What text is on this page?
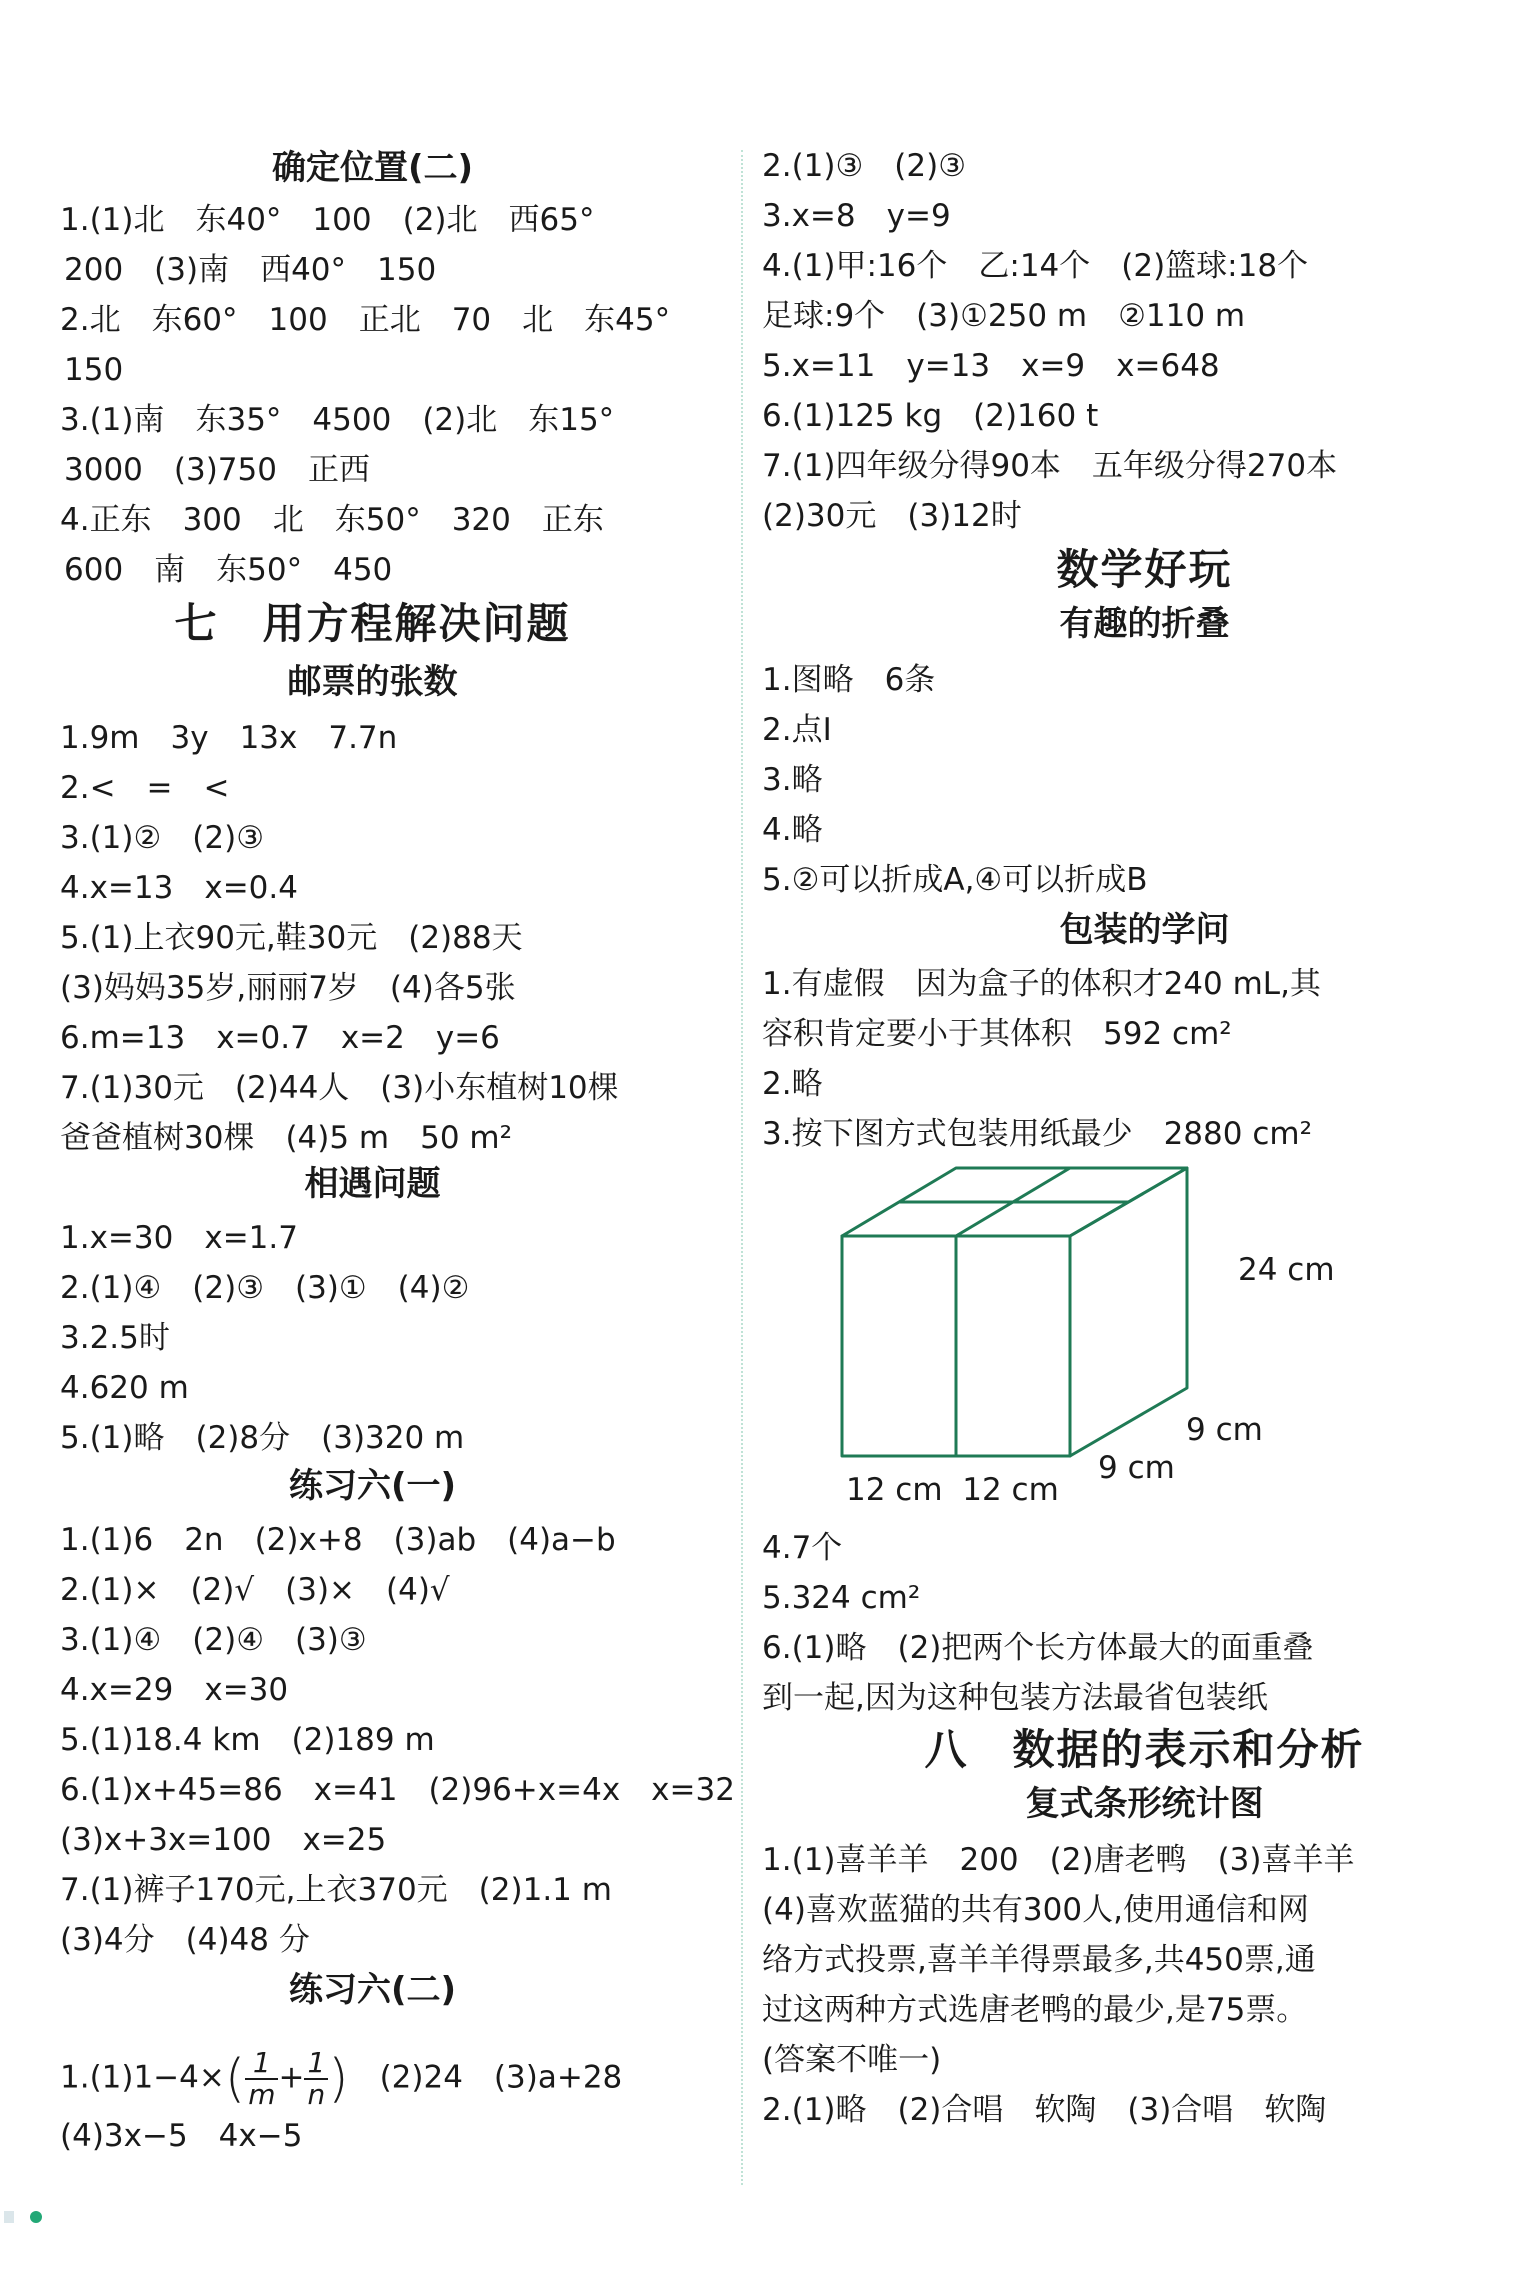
确定位置(二)
1.(1)北　东40°　100　(2)北　西65°
200　(3)南　西40°　150
2.北　东60°　100　正北　70　北　东45°
150
3.(1)南　东35°　4500　(2)北　东15°
3000　(3)750　正西
4.正东　300　北　东50°　320　正东
600　南　东50°　450
七　用方程解决问题
邮票的张数
1.9m　3y　13x　7.7n
2.<　=　<
3.(1)②　(2)③
4.x=13　x=0.4
5.(1)上衣90元,鞋30元　(2)88天
(3)妈妈35岁,丽丽7岁　(4)各5张
6.m=13　x=0.7　x=2　y=6
7.(1)30元　(2)44人　(3)小东植树10棵
爸爸植树30棵　(4)5 m　50 m²
相遇问题
1.x=30　x=1.7
2.(1)④　(2)③　(3)①　(4)②
3.2.5时
4.620 m
5.(1)略　(2)8分　(3)320 m
练习六(一)
1.(1)6　2n　(2)x+8　(3)ab　(4)a−b
2.(1)×　(2)√　(3)×　(4)√
3.(1)④　(2)④　(3)③
4.x=29　x=30
5.(1)18.4 km　(2)189 m
6.(1)x+45=86　x=41　(2)96+x=4x　x=32
(3)x+3x=100　x=25
7.(1)裤子170元,上衣370元　(2)1.1 m
(3)4分　(4)48 分
练习六(二)
$1.(1)1-4\times( \frac{1}{m} + \frac{1}{n}$ )　(2)24　(3)a+28
(4)3x−5　4x−5
2.(1)③　(2)③
3.x=8　y=9
4.(1)甲:16个　乙:14个　(2)篮球:18个
足球:9个　(3)①250 m　②110 m
5.x=11　y=13　x=9　x=648
6.(1)125 kg　(2)160 t
7.(1)四年级分得90本　五年级分得270本
(2)30元　(3)12时
数学好玩
有趣的折叠
1.图略　6条
2.点I
3.略
4.略
5.②可以折成A,④可以折成B
包装的学问
1.有虚假　因为盒子的体积才240 mL,其
容积肯定要小于其体积　592 cm²
2.略
3.按下图方式包装用纸最少　2880 cm²
24 cm
9 cm
9 cm
12 cm  12 cm
4.7个
5.324 cm²
6.(1)略　(2)把两个长方体最大的面重叠
到一起,因为这种包装方法最省包装纸
八　数据的表示和分析
复式条形统计图
1.(1)喜羊羊　200　(2)唐老鸭　(3)喜羊羊
(4)喜欢蓝猫的共有300人,使用通信和网
络方式投票,喜羊羊得票最多,共450票,通
过这两种方式选唐老鸭的最少,是75票。
(答案不唯一)
2.(1)略　(2)合唱　软陶　(3)合唱　软陶
